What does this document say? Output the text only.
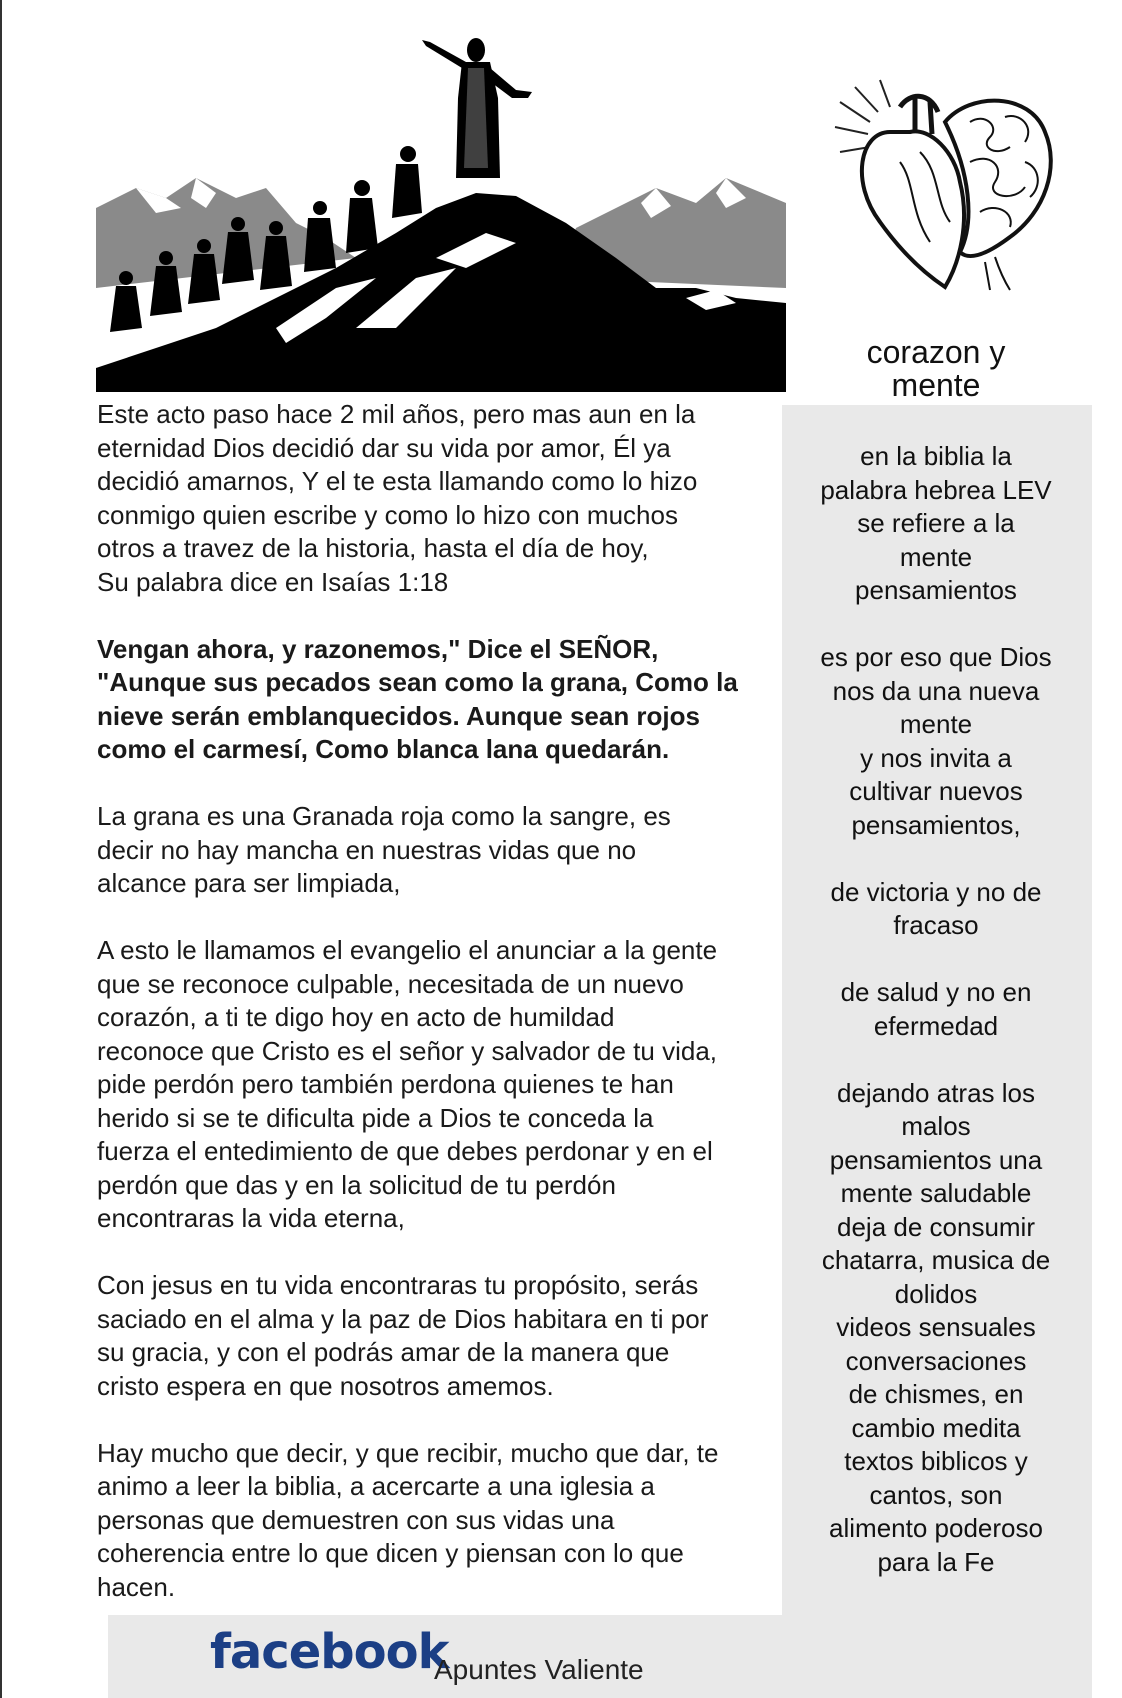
corazon y
mente
en la biblia la
palabra hebrea LEV
se refiere a la
mente
pensamientos

es por eso que Dios
nos da una nueva
mente
y nos invita a
cultivar nuevos
pensamientos,

de victoria y no de
fracaso

de salud y no en
efermedad

dejando atras los
malos
pensamientos una
mente saludable
deja de consumir
chatarra, musica de
dolidos
videos sensuales
conversaciones
de chismes, en
cambio medita
textos biblicos y
cantos, son
alimento poderoso
para la Fe

Este acto paso hace 2 mil años, pero mas aun en la
eternidad Dios decidió dar su vida por amor, Él ya
decidió amarnos, Y el te esta llamando como lo hizo
conmigo quien escribe y como lo hizo con muchos
otros a travez de la historia, hasta el día de hoy,
Su palabra dice en Isaías 1:18

Vengan ahora, y razonemos," Dice el SEÑOR,
"Aunque sus pecados sean como la grana, Como la
nieve serán emblanquecidos. Aunque sean rojos
como el carmesí, Como blanca lana quedarán.

La grana es una Granada roja como la sangre, es
decir no hay mancha en nuestras vidas que no
alcance para ser limpiada,

A esto le llamamos el evangelio el anunciar a la gente
que se reconoce culpable, necesitada de un nuevo
corazón, a ti te digo hoy en acto de humildad
reconoce que Cristo es el señor y salvador de tu vida,
pide perdón pero también perdona quienes te han
herido si se te dificulta pide a Dios te conceda la
fuerza el entedimiento de que debes perdonar y en el
perdón que das y en la solicitud de tu perdón
encontraras la vida eterna,

Con jesus en tu vida encontraras tu propósito, serás
saciado en el alma y la paz de Dios habitara en ti por
su gracia, y con el podrás amar de la manera que
cristo espera en que nosotros amemos.

Hay mucho que decir, y que recibir, mucho que dar, te
animo a leer la biblia, a acercarte a una iglesia a
personas que demuestren con sus vidas una
coherencia entre lo que dicen y piensan con lo que
hacen.

facebook
Apuntes Valiente
